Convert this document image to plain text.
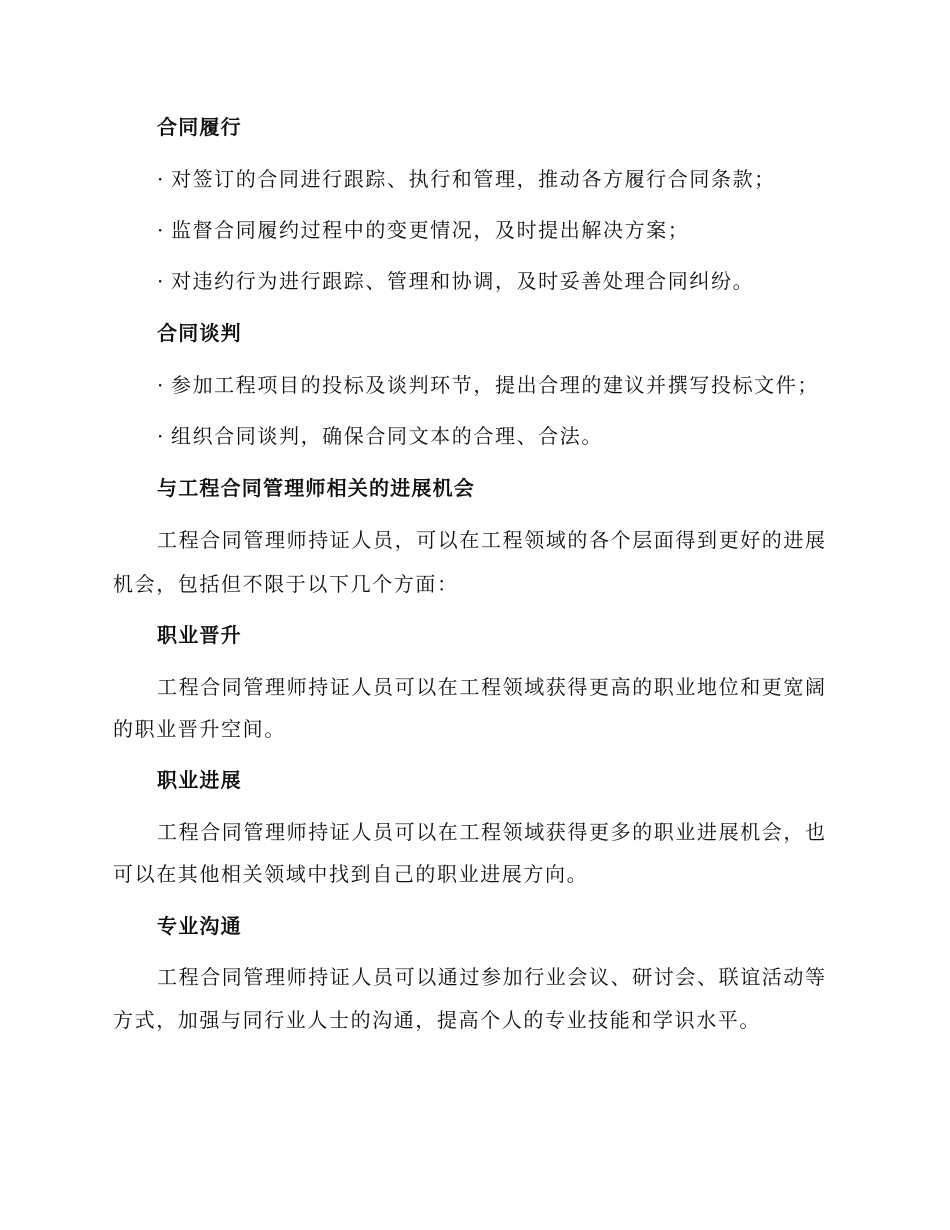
合同履行
· 对签订的合同进行跟踪、执行和管理，推动各方履行合同条款；
· 监督合同履约过程中的变更情况，及时提出解决方案；
· 对违约行为进行跟踪、管理和协调，及时妥善处理合同纠纷。
合同谈判
· 参加工程项目的投标及谈判环节，提出合理的建议并撰写投标文件；
· 组织合同谈判，确保合同文本的合理、合法。
与工程合同管理师相关的进展机会
工程合同管理师持证人员，可以在工程领域的各个层面得到更好的进展
机会，包括但不限于以下几个方面：
职业晋升
工程合同管理师持证人员可以在工程领域获得更高的职业地位和更宽阔
的职业晋升空间。
职业进展
工程合同管理师持证人员可以在工程领域获得更多的职业进展机会，也
可以在其他相关领域中找到自己的职业进展方向。
专业沟通
工程合同管理师持证人员可以通过参加行业会议、研讨会、联谊活动等
方式，加强与同行业人士的沟通，提高个人的专业技能和学识水平。
